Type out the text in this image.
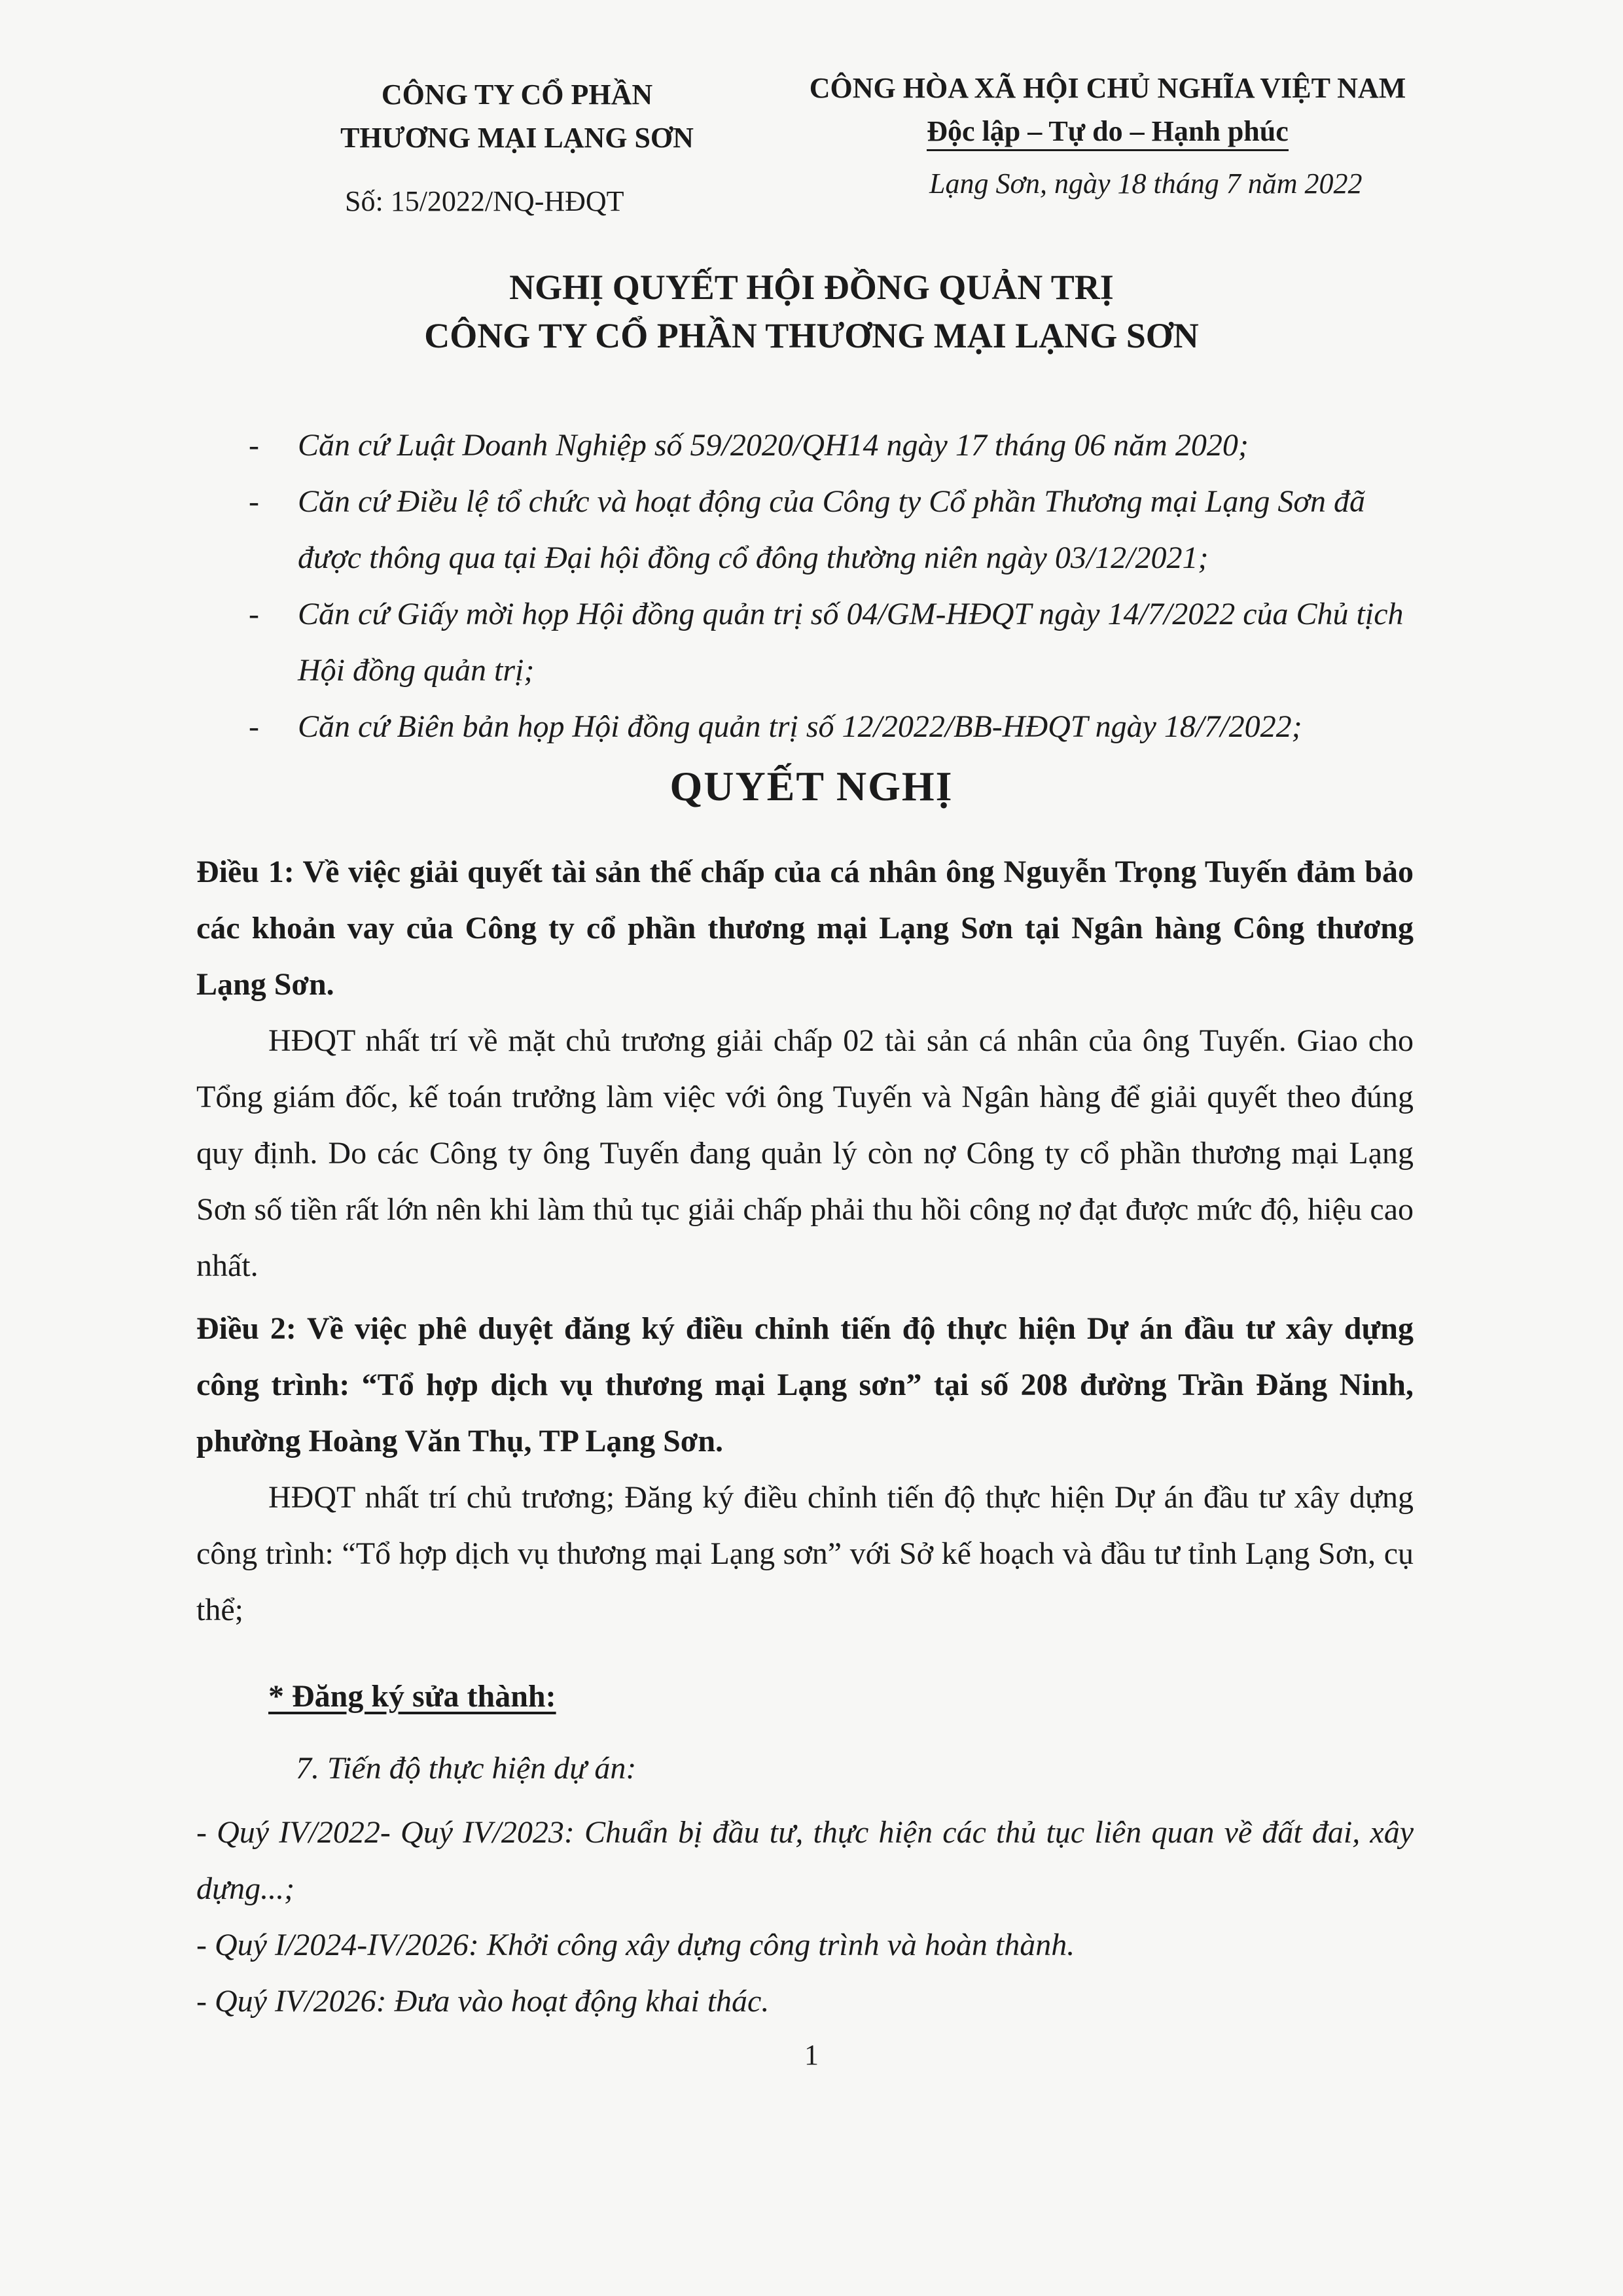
CÔNG TY CỔ PHẦN
THƯƠNG MẠI LẠNG SƠN
CÔNG HÒA XÃ HỘI CHỦ NGHĨA VIỆT NAM
Độc lập – Tự do – Hạnh phúc
Số: 15/2022/NQ-HĐQT
Lạng Sơn, ngày 18 tháng 7 năm 2022
NGHỊ QUYẾT HỘI ĐỒNG QUẢN TRỊ
CÔNG TY CỔ PHẦN THƯƠNG MẠI LẠNG SƠN
- Căn cứ Luật Doanh Nghiệp số 59/2020/QH14 ngày 17 tháng 06 năm 2020;
- Căn cứ Điều lệ tổ chức và hoạt động của Công ty Cổ phần Thương mại Lạng Sơn đã được thông qua tại Đại hội đồng cổ đông thường niên ngày 03/12/2021;
- Căn cứ Giấy mời họp Hội đồng quản trị số 04/GM-HĐQT ngày 14/7/2022 của Chủ tịch Hội đồng quản trị;
- Căn cứ Biên bản họp Hội đồng quản trị số 12/2022/BB-HĐQT ngày 18/7/2022;
QUYẾT NGHỊ
Điều 1: Về việc giải quyết tài sản thế chấp của cá nhân ông Nguyễn Trọng Tuyến đảm bảo các khoản vay của Công ty cổ phần thương mại Lạng Sơn tại Ngân hàng Công thương Lạng Sơn.
HĐQT nhất trí về mặt chủ trương giải chấp 02 tài sản cá nhân của ông Tuyến. Giao cho Tổng giám đốc, kế toán trưởng làm việc với ông Tuyến và Ngân hàng để giải quyết theo đúng quy định. Do các Công ty ông Tuyến đang quản lý còn nợ Công ty cổ phần thương mại Lạng Sơn số tiền rất lớn nên khi làm thủ tục giải chấp phải thu hồi công nợ đạt được mức độ, hiệu cao nhất.
Điều 2: Về việc phê duyệt đăng ký điều chỉnh tiến độ thực hiện Dự án đầu tư xây dựng công trình: “Tổ hợp dịch vụ thương mại Lạng sơn” tại số 208 đường Trần Đăng Ninh, phường Hoàng Văn Thụ, TP Lạng Sơn.
HĐQT nhất trí chủ trương; Đăng ký điều chỉnh tiến độ thực hiện Dự án đầu tư xây dựng công trình: “Tổ hợp dịch vụ thương mại Lạng sơn” với Sở kế hoạch và đầu tư tỉnh Lạng Sơn, cụ thể;
* Đăng ký sửa thành:
7. Tiến độ thực hiện dự án:
- Quý IV/2022- Quý IV/2023: Chuẩn bị đầu tư, thực hiện các thủ tục liên quan về đất đai, xây dựng...;
- Quý I/2024-IV/2026: Khởi công xây dựng công trình và hoàn thành.
- Quý IV/2026: Đưa vào hoạt động khai thác.
1
